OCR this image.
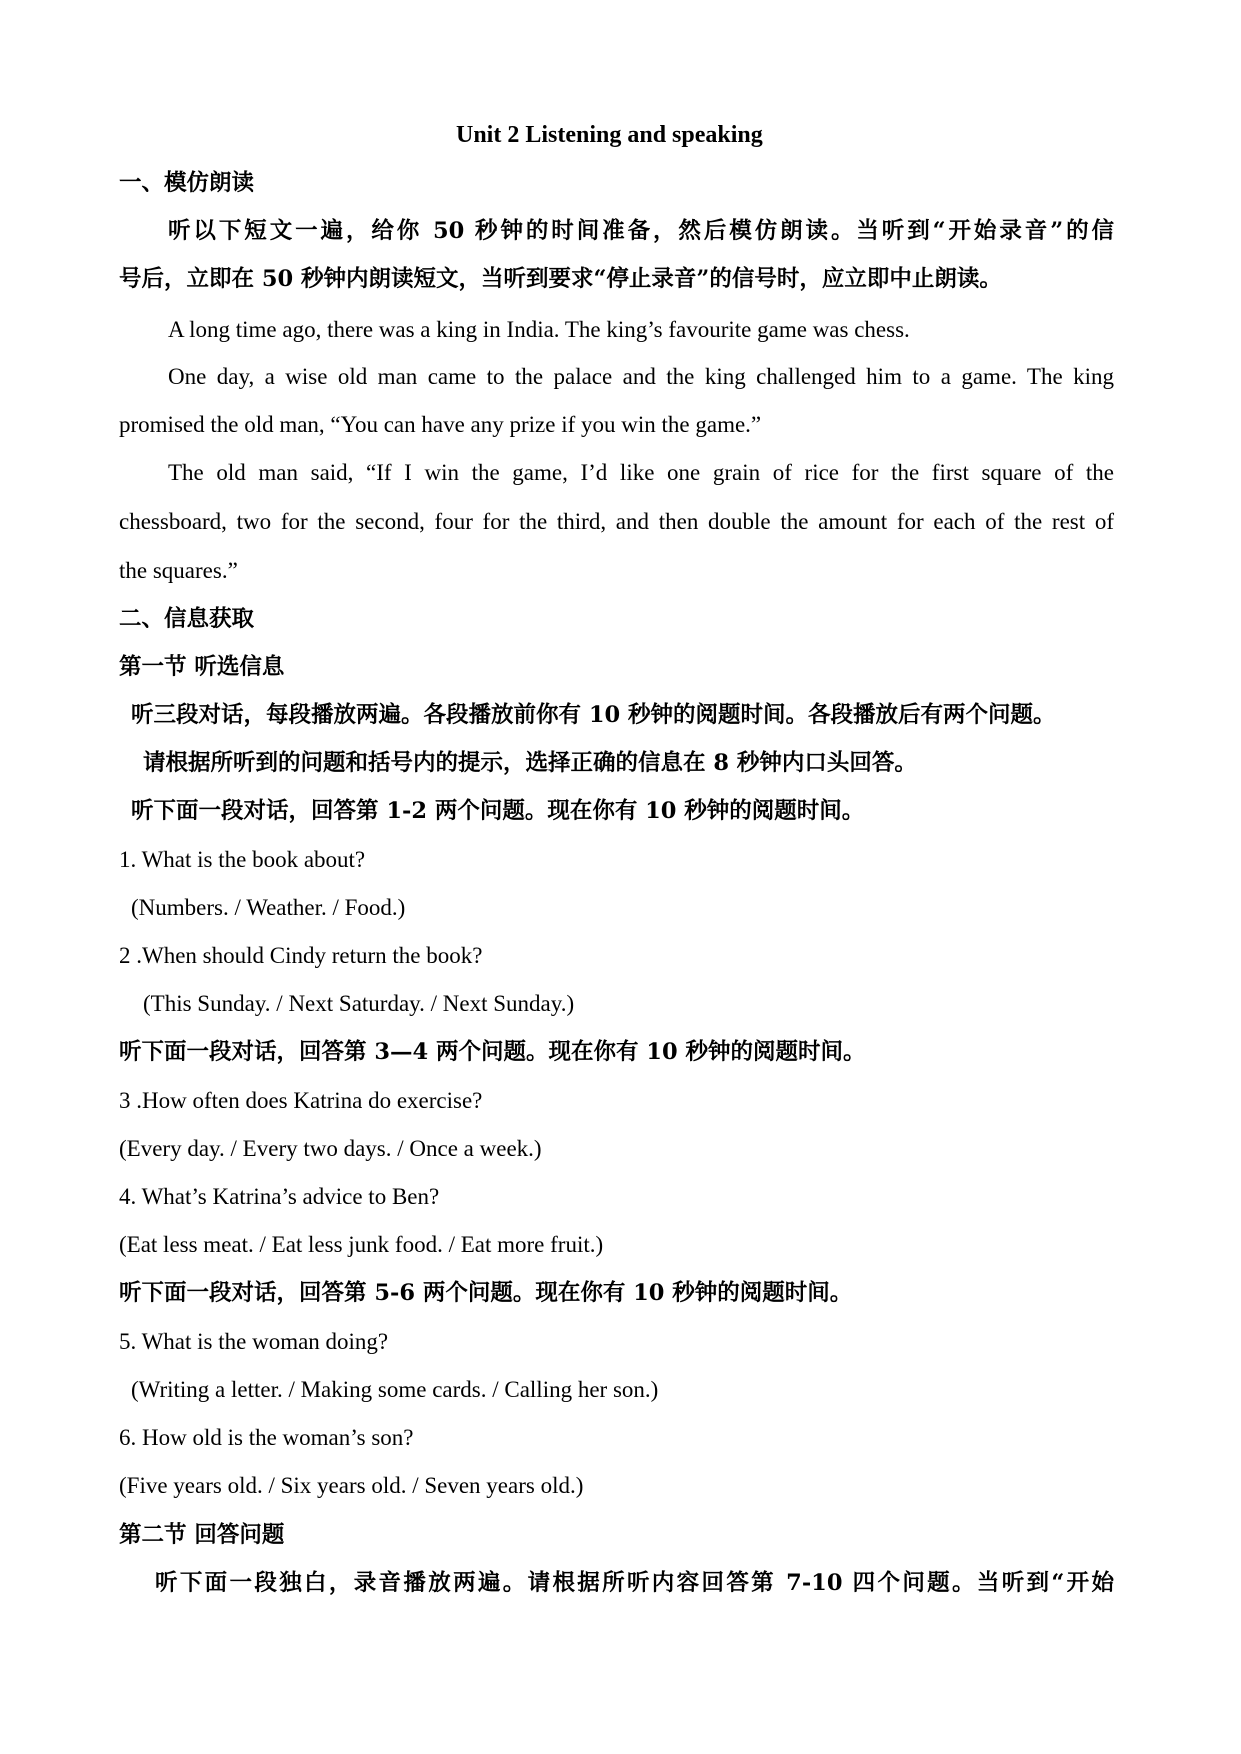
Unit 2 Listening and speaking
一、模仿朗读
听以下短文一遍，给你 50 秒钟的时间准备，然后模仿朗读。当听到“开始录音”的信
号后，立即在 50 秒钟内朗读短文，当听到要求“停止录音”的信号时，应立即中止朗读。
A long time ago, there was a king in India. The king’s favourite game was chess.
One day, a wise old man came to the palace and the king challenged him to a game. The king
promised the old man, “You can have any prize if you win the game.”
The old man said, “If I win the game, I’d like one grain of rice for the first square of the
chessboard, two for the second, four for the third, and then double the amount for each of the rest of
the squares.”
二、信息获取
第一节 听选信息
听三段对话，每段播放两遍。各段播放前你有 10 秒钟的阅题时间。各段播放后有两个问题。
请根据所听到的问题和括号内的提示，选择正确的信息在 8 秒钟内口头回答。
听下面一段对话，回答第 1-2 两个问题。现在你有 10 秒钟的阅题时间。
1. What is the book about?
(Numbers. / Weather. / Food.)
2 .When should Cindy return the book?
(This Sunday. / Next Saturday. / Next Sunday.)
听下面一段对话，回答第 3—4 两个问题。现在你有 10 秒钟的阅题时间。
3 .How often does Katrina do exercise?
(Every day. / Every two days. / Once a week.)
4. What’s Katrina’s advice to Ben?
(Eat less meat. / Eat less junk food. / Eat more fruit.)
听下面一段对话，回答第 5-6 两个问题。现在你有 10 秒钟的阅题时间。
5. What is the woman doing?
(Writing a letter. / Making some cards. / Calling her son.)
6. How old is the woman’s son?
(Five years old. / Six years old. / Seven years old.)
第二节 回答问题
听下面一段独白，录音播放两遍。请根据所听内容回答第 7-10 四个问题。当听到“开始
